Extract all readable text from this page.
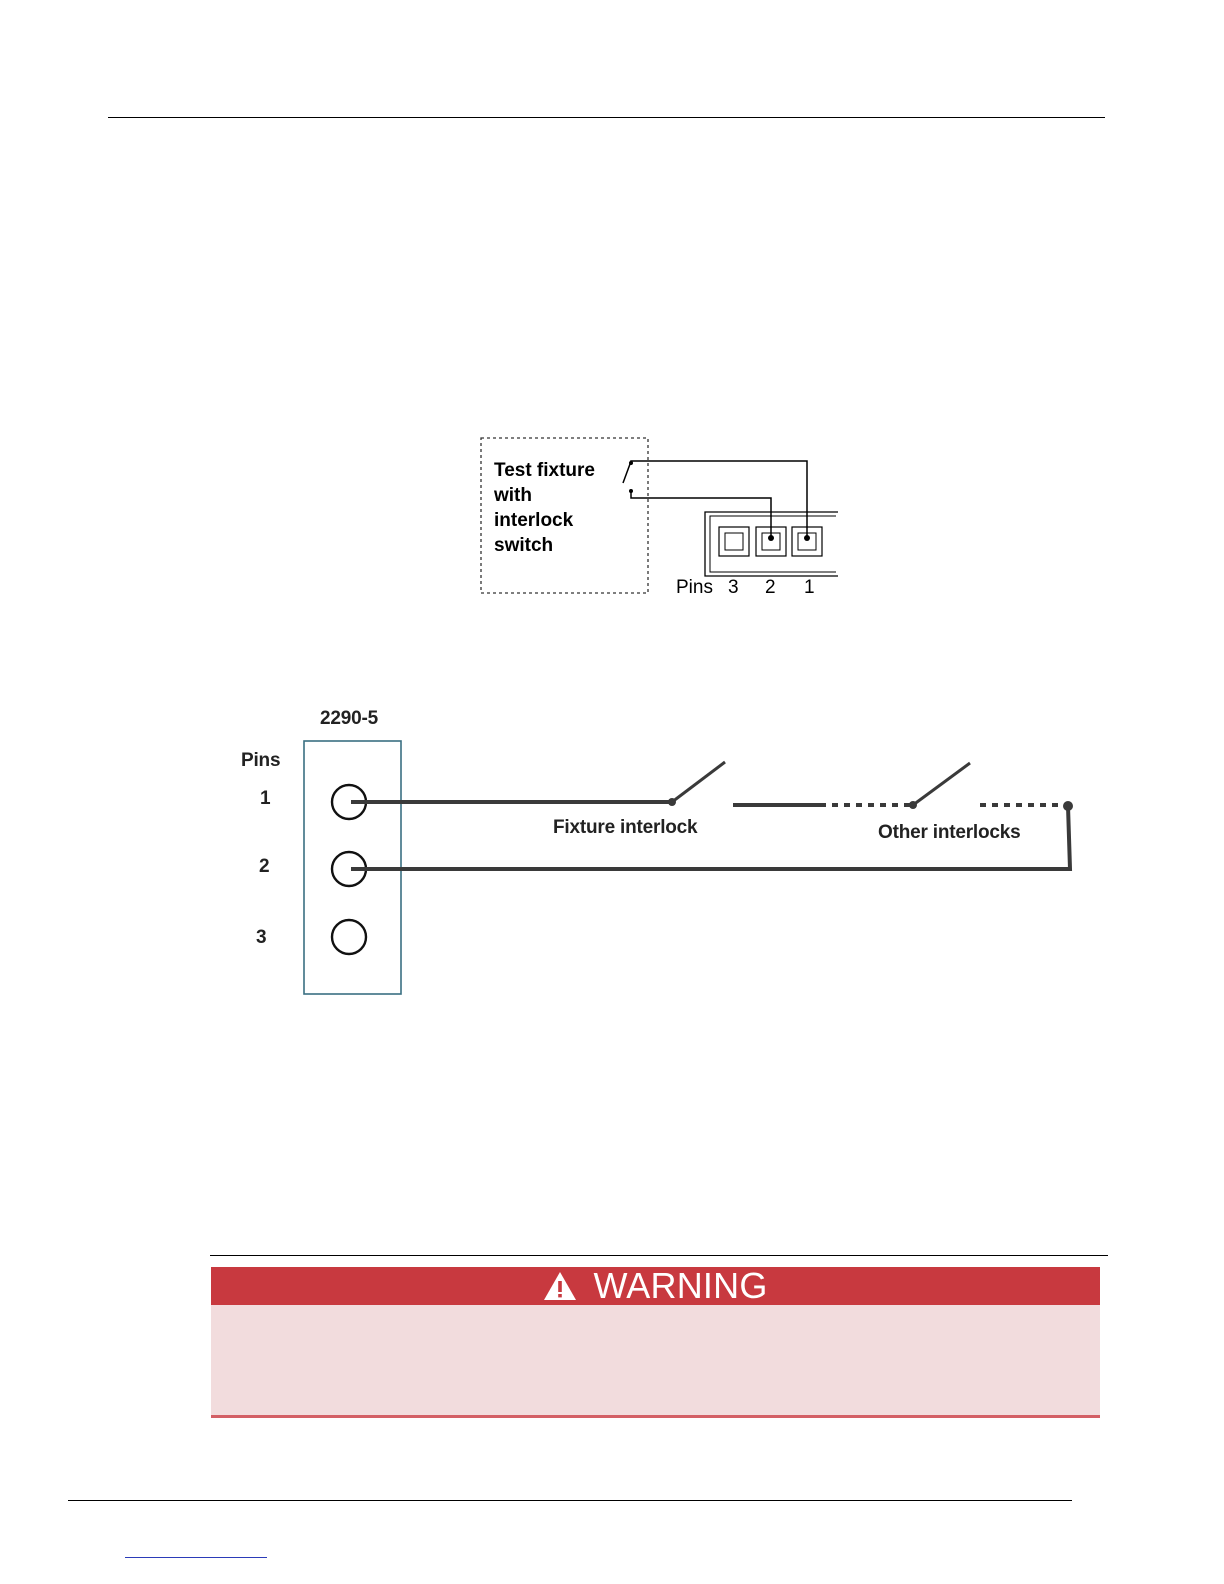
Test fixture
with
interlock
switch
Pins 3 2 1
2290-5
Pins
1
2
3
Fixture interlock	Other interlocks
WARNING
